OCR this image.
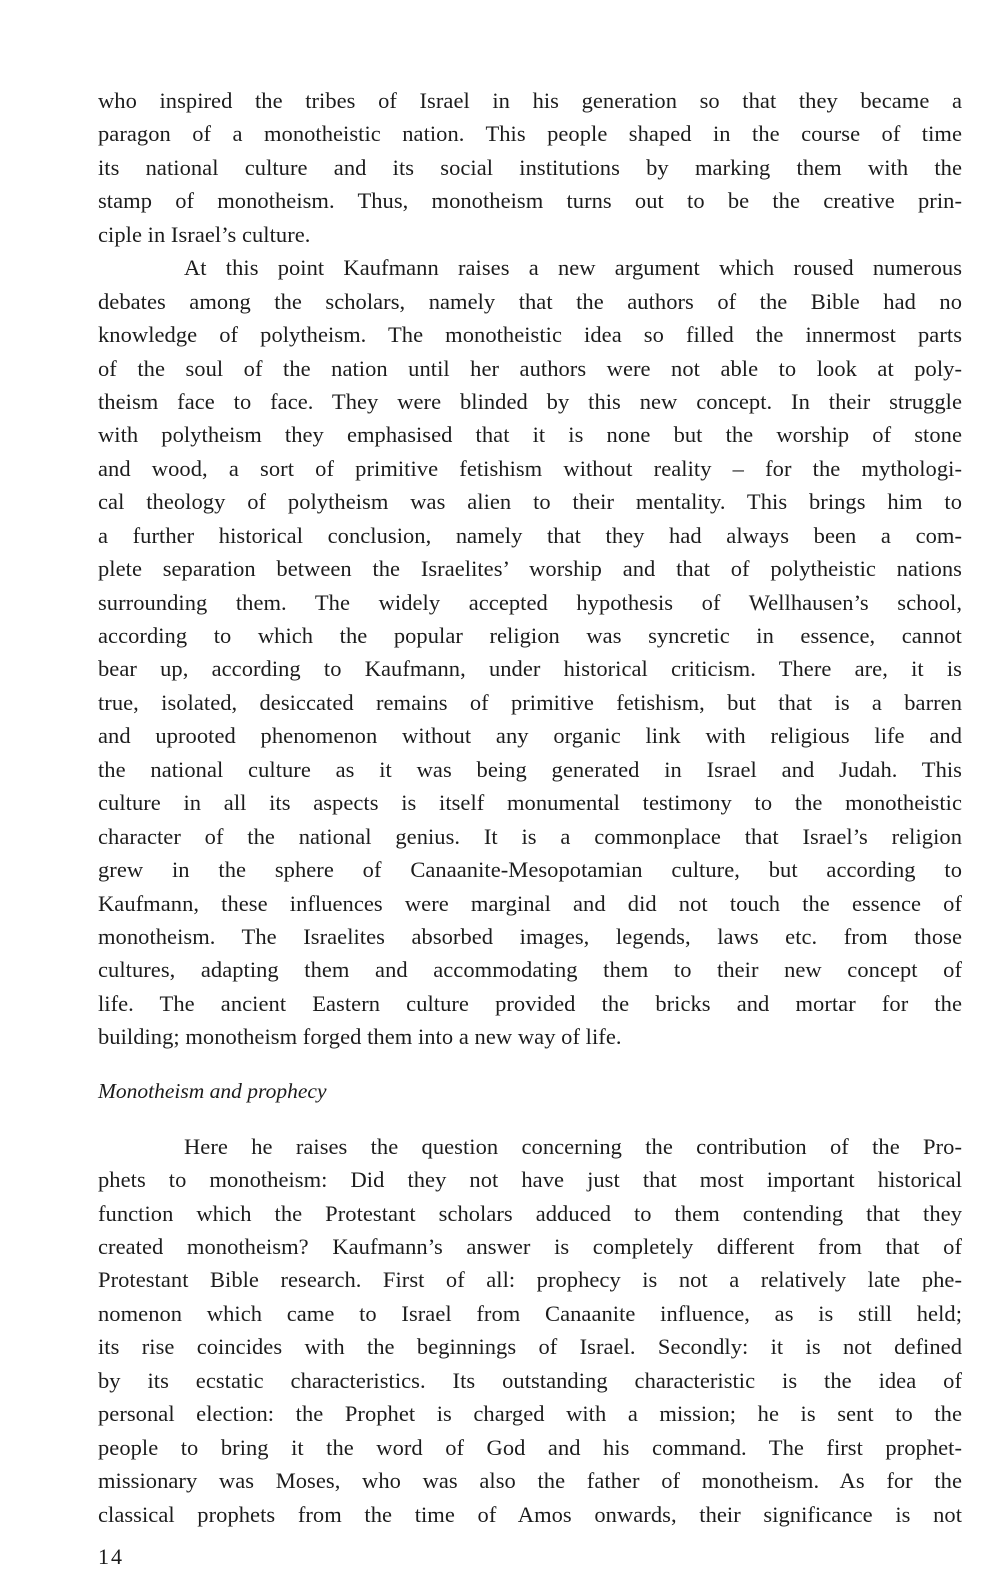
who inspired the tribes of Israel in his generation so that they became a
paragon of a monotheistic nation. This people shaped in the course of time
its national culture and its social institutions by marking them with the
stamp of monotheism. Thus, monotheism turns out to be the creative prin-
ciple in Israel’s culture.
At this point Kaufmann raises a new argument which roused numerous
debates among the scholars, namely that the authors of the Bible had no
knowledge of polytheism. The monotheistic idea so filled the innermost parts
of the soul of the nation until her authors were not able to look at poly-
theism face to face. They were blinded by this new concept. In their struggle
with polytheism they emphasised that it is none but the worship of stone
and wood, a sort of primitive fetishism without reality – for the mythologi-
cal theology of polytheism was alien to their mentality. This brings him to
a further historical conclusion, namely that they had always been a com-
plete separation between the Israelites’ worship and that of polytheistic nations
surrounding them. The widely accepted hypothesis of Wellhausen’s school,
according to which the popular religion was syncretic in essence, cannot
bear up, according to Kaufmann, under historical criticism. There are, it is
true, isolated, desiccated remains of primitive fetishism, but that is a barren
and uprooted phenomenon without any organic link with religious life and
the national culture as it was being generated in Israel and Judah. This
culture in all its aspects is itself monumental testimony to the monotheistic
character of the national genius. It is a commonplace that Israel’s religion
grew in the sphere of Canaanite-Mesopotamian culture, but according to
Kaufmann, these influences were marginal and did not touch the essence of
monotheism. The Israelites absorbed images, legends, laws etc. from those
cultures, adapting them and accommodating them to their new concept of
life. The ancient Eastern culture provided the bricks and mortar for the
building; monotheism forged them into a new way of life.
Monotheism and prophecy
Here he raises the question concerning the contribution of the Pro-
phets to monotheism: Did they not have just that most important historical
function which the Protestant scholars adduced to them contending that they
created monotheism? Kaufmann’s answer is completely different from that of
Protestant Bible research. First of all: prophecy is not a relatively late phe-
nomenon which came to Israel from Canaanite influence, as is still held;
its rise coincides with the beginnings of Israel. Secondly: it is not defined
by its ecstatic characteristics. Its outstanding characteristic is the idea of
personal election: the Prophet is charged with a mission; he is sent to the
people to bring it the word of God and his command. The first prophet-
missionary was Moses, who was also the father of monotheism. As for the
classical prophets from the time of Amos onwards, their significance is not
14
